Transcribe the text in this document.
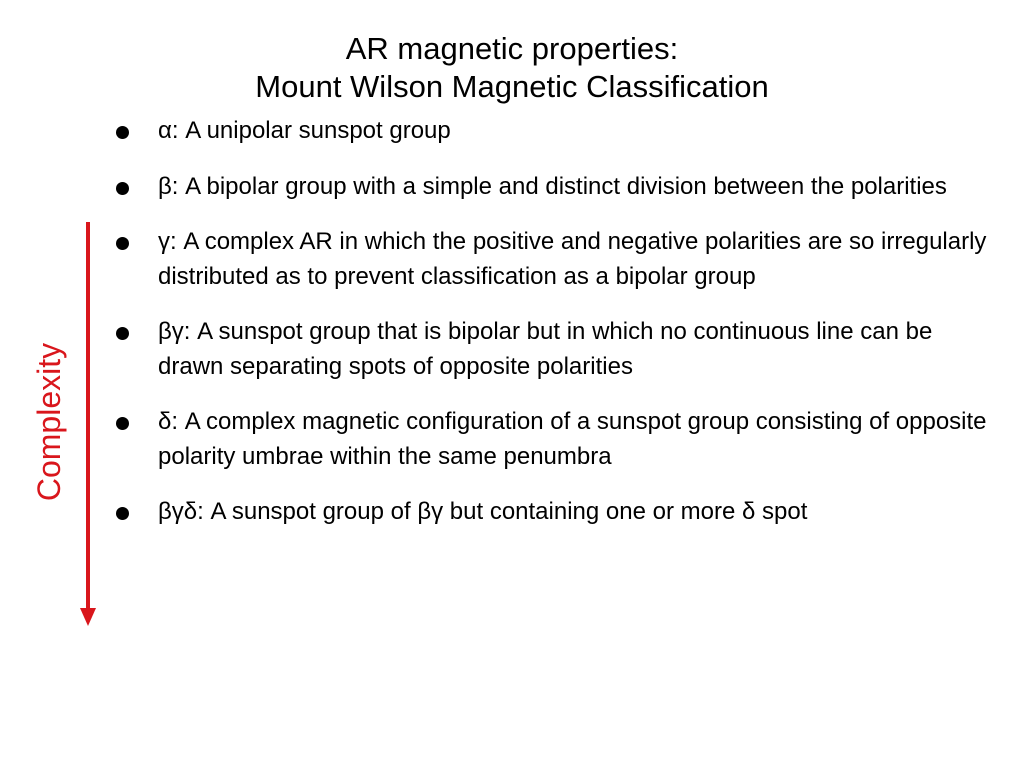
AR magnetic properties:
Mount Wilson Magnetic Classification
Complexity
α: A unipolar sunspot group
β: A bipolar group with a simple and distinct division between the polarities
γ: A complex AR in which the positive and negative polarities are so irregularly distributed as to prevent classification as a bipolar group
βγ: A sunspot group that is bipolar but in which no continuous line can be drawn separating spots of opposite polarities
δ: A complex magnetic configuration of a sunspot group consisting of opposite polarity umbrae within the same penumbra
βγδ: A sunspot group of βγ but containing one or more δ spot
